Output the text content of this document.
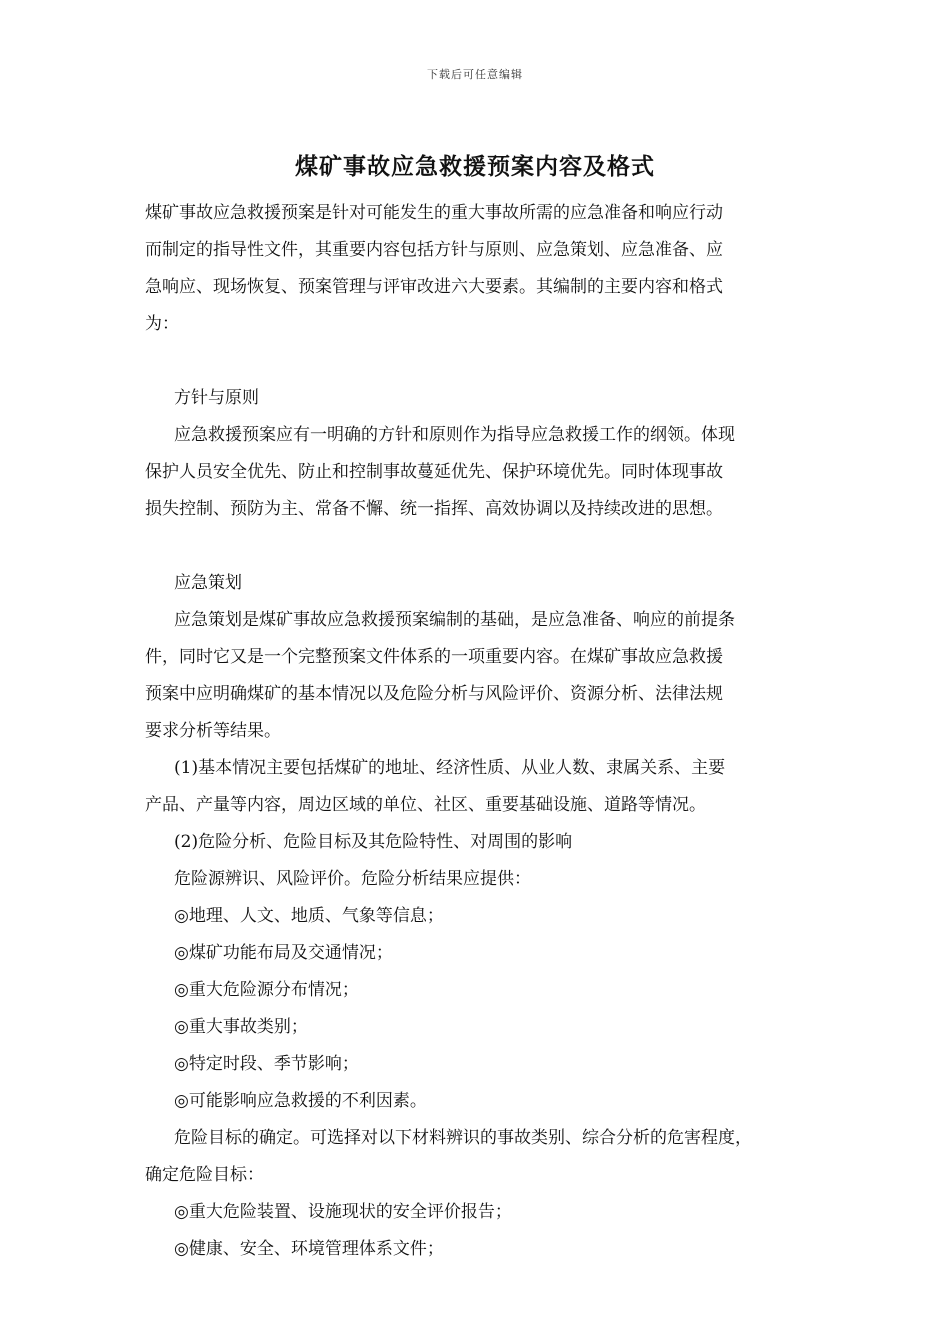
下载后可任意编辑
煤矿事故应急救援预案内容及格式
煤矿事故应急救援预案是针对可能发生的重大事故所需的应急准备和响应行动
而制定的指导性文件，其重要内容包括方针与原则、应急策划、应急准备、应
急响应、现场恢复、预案管理与评审改进六大要素。其编制的主要内容和格式
为：
方针与原则
应急救援预案应有一明确的方针和原则作为指导应急救援工作的纲领。体现
保护人员安全优先、防止和控制事故蔓延优先、保护环境优先。同时体现事故
损失控制、预防为主、常备不懈、统一指挥、高效协调以及持续改进的思想。
应急策划
应急策划是煤矿事故应急救援预案编制的基础，是应急准备、响应的前提条
件，同时它又是一个完整预案文件体系的一项重要内容。在煤矿事故应急救援
预案中应明确煤矿的基本情况以及危险分析与风险评价、资源分析、法律法规
要求分析等结果。
(1)基本情况主要包括煤矿的地址、经济性质、从业人数、隶属关系、主要
产品、产量等内容，周边区域的单位、社区、重要基础设施、道路等情况。
(2)危险分析、危险目标及其危险特性、对周围的影响
危险源辨识、风险评价。危险分析结果应提供：
◎地理、人文、地质、气象等信息；
◎煤矿功能布局及交通情况；
◎重大危险源分布情况；
◎重大事故类别；
◎特定时段、季节影响；
◎可能影响应急救援的不利因素。
危险目标的确定。可选择对以下材料辨识的事故类别、综合分析的危害程度，
确定危险目标：
◎重大危险装置、设施现状的安全评价报告；
◎健康、安全、环境管理体系文件；
